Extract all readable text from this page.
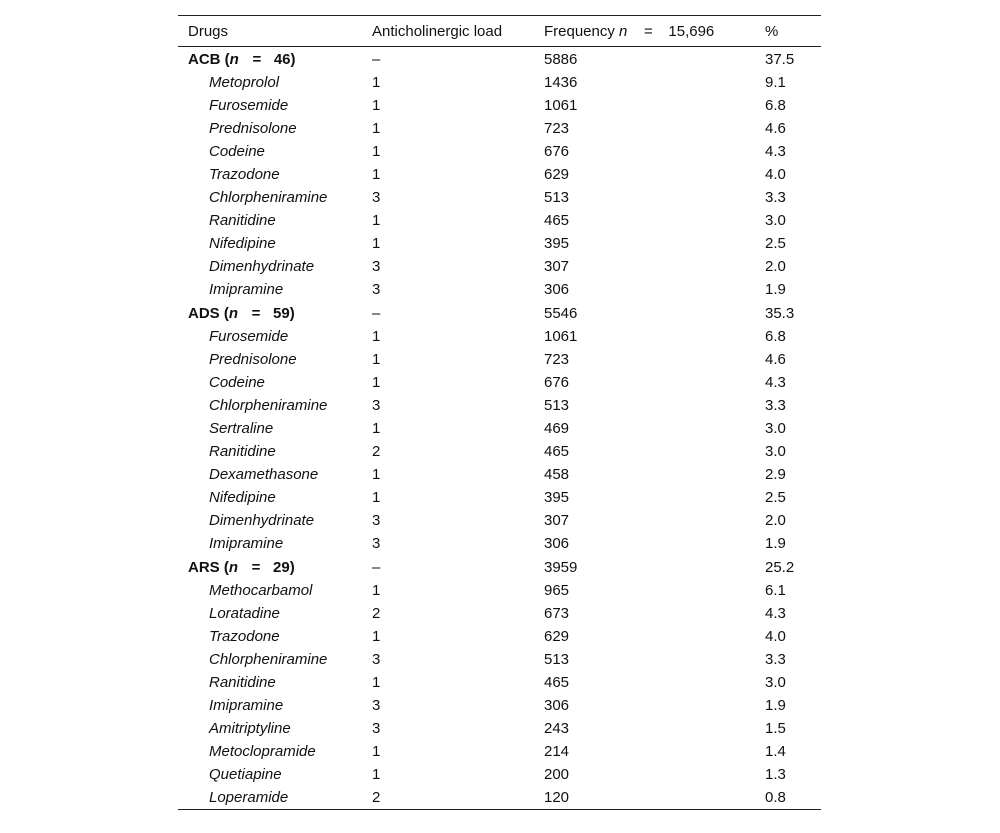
Drugs	Anticholinergic load	Frequency n = 15,696	%
ACB (n = 46)	–	5886	37.5
Metoprolol	1	1436	9.1
Furosemide	1	1061	6.8
Prednisolone	1	723	4.6
Codeine	1	676	4.3
Trazodone	1	629	4.0
Chlorpheniramine	3	513	3.3
Ranitidine	1	465	3.0
Nifedipine	1	395	2.5
Dimenhydrinate	3	307	2.0
Imipramine	3	306	1.9
ADS (n = 59)	–	5546	35.3
Furosemide	1	1061	6.8
Prednisolone	1	723	4.6
Codeine	1	676	4.3
Chlorpheniramine	3	513	3.3
Sertraline	1	469	3.0
Ranitidine	2	465	3.0
Dexamethasone	1	458	2.9
Nifedipine	1	395	2.5
Dimenhydrinate	3	307	2.0
Imipramine	3	306	1.9
ARS (n = 29)	–	3959	25.2
Methocarbamol	1	965	6.1
Loratadine	2	673	4.3
Trazodone	1	629	4.0
Chlorpheniramine	3	513	3.3
Ranitidine	1	465	3.0
Imipramine	3	306	1.9
Amitriptyline	3	243	1.5
Metoclopramide	1	214	1.4
Quetiapine	1	200	1.3
Loperamide	2	120	0.8
